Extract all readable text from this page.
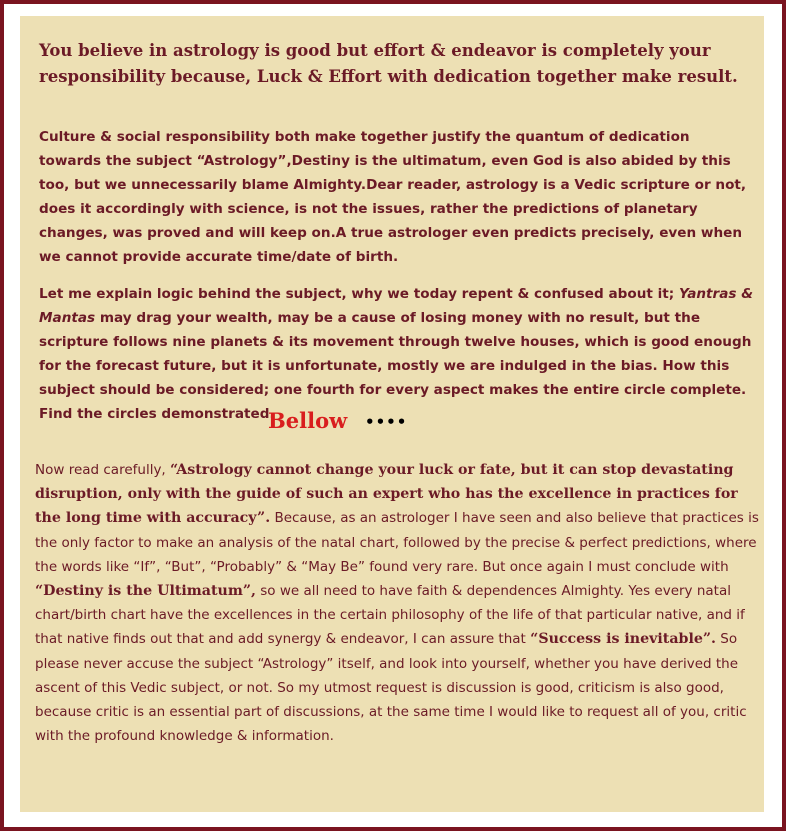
You believe in astrology is good but effort & endeavor is completely your responsibility because, Luck & Effort with dedication together make result.

Culture & social responsibility both make together justify the quantum of dedication towards the subject “Astrology”,Destiny is the ultimatum, even God is also abided by this too, but we unnecessarily blame Almighty.Dear reader, astrology is a Vedic scripture or not, does it accordingly with science, is not the issues, rather the predictions of planetary changes, was proved and will keep on.A true astrologer even predicts precisely, even when we cannot provide accurate time/date of birth.

Let me explain logic behind the subject, why we today repent & confused about it; Yantras & Mantas may drag your wealth, may be a cause of losing money with no result, but the scripture follows nine planets & its movement through twelve houses, which is good enough for the forecast future, but it is unfortunate, mostly we are indulged in the bias. How this subject should be considered; one fourth for every aspect makes the entire circle complete. Find the circles demonstrated.

Bellow ••••

Now read carefully, “Astrology cannot change your luck or fate, but it can stop devastating disruption, only with the guide of such an expert who has the excellence in practices for the long time with accuracy”. Because, as an astrologer I have seen and also believe that practices is the only factor to make an analysis of the natal chart, followed by the precise & perfect predictions, where the words like “If”, “But”, “Probably” & “May Be” found very rare. But once again I must conclude with “Destiny is the Ultimatum”, so we all need to have faith & dependences Almighty. Yes every natal chart/birth chart have the excellences in the certain philosophy of the life of that particular native, and if that native finds out that and add synergy & endeavor, I can assure that “Success is inevitable”. So please never accuse the subject “Astrology” itself, and look into yourself, whether you have derived the ascent of this Vedic subject, or not. So my utmost request is discussion is good, criticism is also good, because critic is an essential part of discussions, at the same time I would like to request all of you, critic with the profound knowledge & information.
